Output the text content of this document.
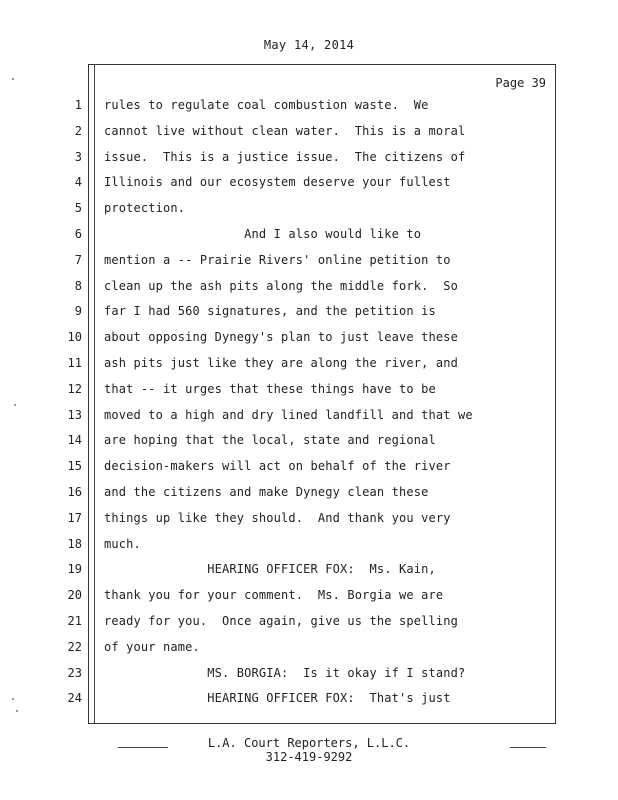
May 14, 2014
Page 39
1 rules to regulate coal combustion waste.  We
2 cannot live without clean water.  This is a moral
3 issue.  This is a justice issue.  The citizens of
4 Illinois and our ecosystem deserve your fullest
5 protection.
6 And I also would like to
7 mention a -- Prairie Rivers' online petition to
8 clean up the ash pits along the middle fork.  So
9 far I had 560 signatures, and the petition is
10 about opposing Dynegy's plan to just leave these
11 ash pits just like they are along the river, and
12 that -- it urges that these things have to be
13 moved to a high and dry lined landfill and that we
14 are hoping that the local, state and regional
15 decision-makers will act on behalf of the river
16 and the citizens and make Dynegy clean these
17 things up like they should.  And thank you very
18 much.
19 HEARING OFFICER FOX:  Ms. Kain,
20 thank you for your comment.  Ms. Borgia we are
21 ready for you.  Once again, give us the spelling
22 of your name.
23 MS. BORGIA:  Is it okay if I stand?
24 HEARING OFFICER FOX:  That's just
L.A. Court Reporters, L.L.C.
312-419-9292
